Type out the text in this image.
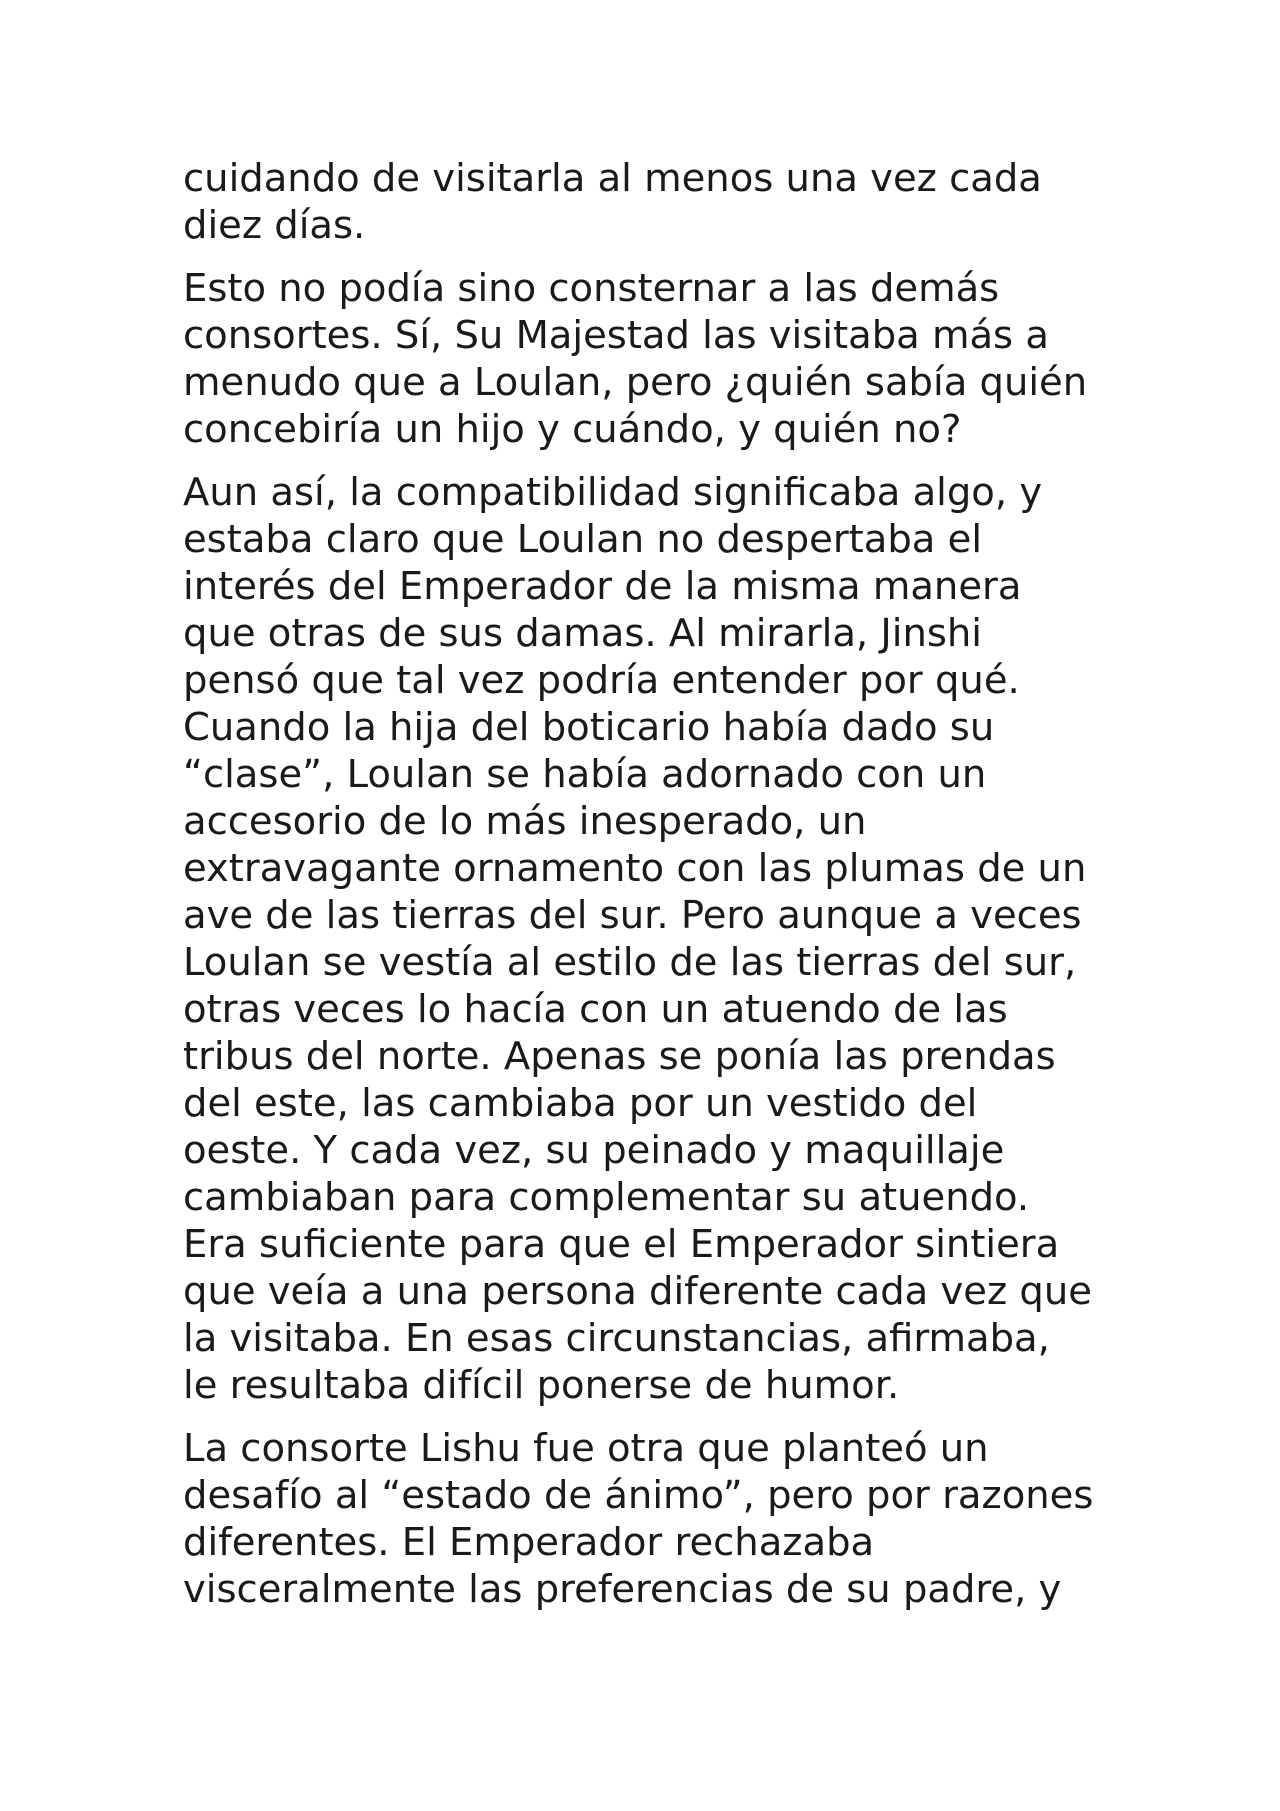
cuidando de visitarla al menos una vez cada
diez días.

Esto no podía sino consternar a las demás
consortes. Sí, Su Majestad las visitaba más a
menudo que a Loulan, pero ¿quién sabía quién
concebiría un hijo y cuándo, y quién no?

Aun así, la compatibilidad significaba algo, y
estaba claro que Loulan no despertaba el
interés del Emperador de la misma manera
que otras de sus damas. Al mirarla, Jinshi
pensó que tal vez podría entender por qué.
Cuando la hija del boticario había dado su
“clase”, Loulan se había adornado con un
accesorio de lo más inesperado, un
extravagante ornamento con las plumas de un
ave de las tierras del sur. Pero aunque a veces
Loulan se vestía al estilo de las tierras del sur,
otras veces lo hacía con un atuendo de las
tribus del norte. Apenas se ponía las prendas
del este, las cambiaba por un vestido del
oeste. Y cada vez, su peinado y maquillaje
cambiaban para complementar su atuendo.
Era suficiente para que el Emperador sintiera
que veía a una persona diferente cada vez que
la visitaba. En esas circunstancias, afirmaba,
le resultaba difícil ponerse de humor.

La consorte Lishu fue otra que planteó un
desafío al “estado de ánimo”, pero por razones
diferentes. El Emperador rechazaba
visceralmente las preferencias de su padre, y
